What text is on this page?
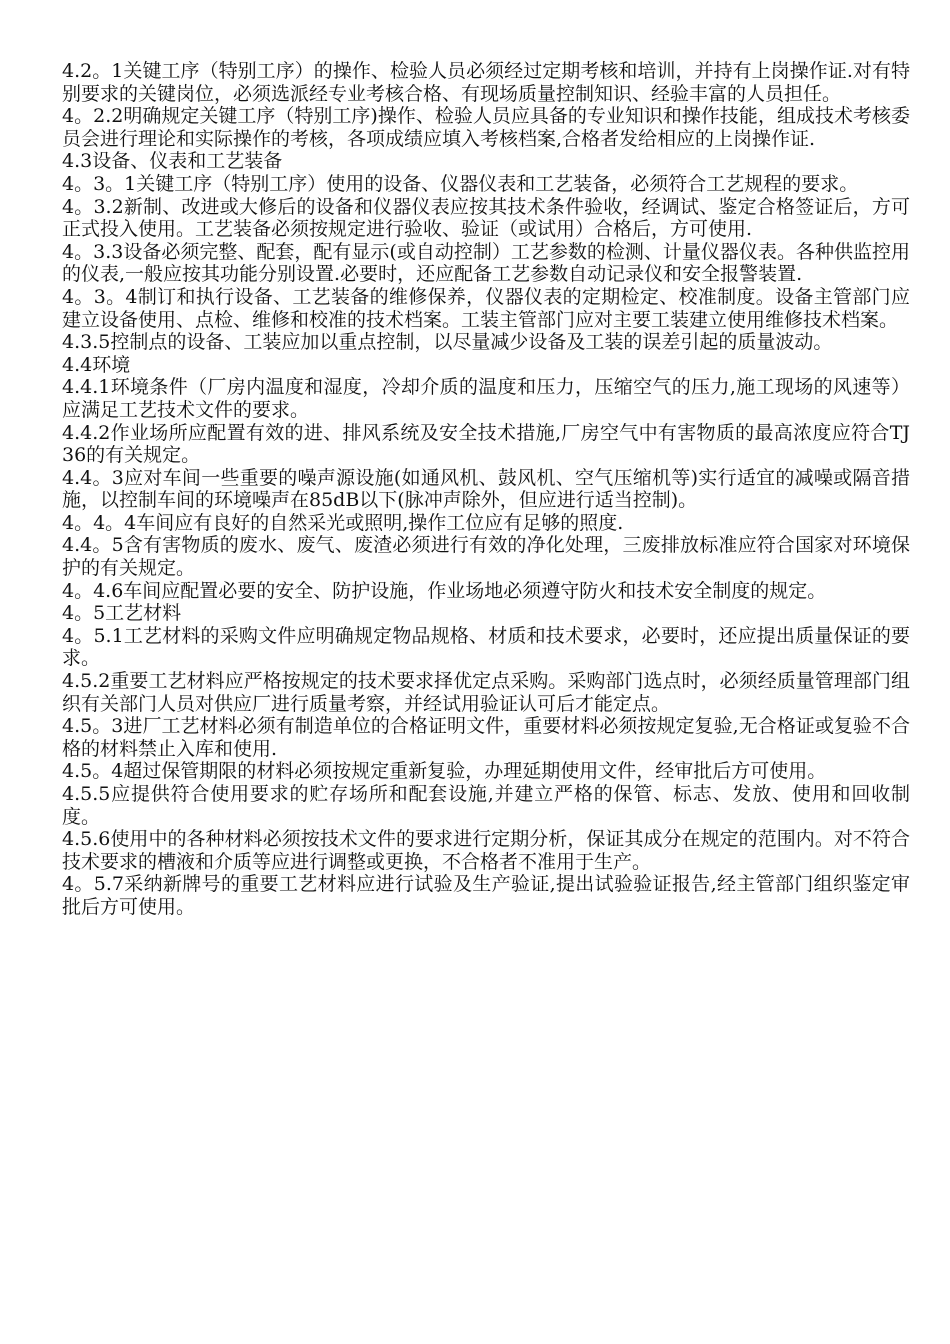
4.2。1关键工序（特别工序）的操作、检验人员必须经过定期考核和培训，并持有上岗操作证.对有特别要求的关键岗位，必须选派经专业考核合格、有现场质量控制知识、经验丰富的人员担任。

4。2.2明确规定关键工序（特别工序)操作、检验人员应具备的专业知识和操作技能，组成技术考核委员会进行理论和实际操作的考核，各项成绩应填入考核档案,合格者发给相应的上岗操作证.

4.3设备、仪表和工艺装备

4。3。1关键工序（特别工序）使用的设备、仪器仪表和工艺装备，必须符合工艺规程的要求。

4。3.2新制、改进或大修后的设备和仪器仪表应按其技术条件验收，经调试、鉴定合格签证后，方可正式投入使用。工艺装备必须按规定进行验收、验证（或试用）合格后，方可使用.

4。3.3设备必须完整、配套，配有显示(或自动控制）工艺参数的检测、计量仪器仪表。各种供监控用的仪表,一般应按其功能分别设置.必要时，还应配备工艺参数自动记录仪和安全报警装置.

4。3。4制订和执行设备、工艺装备的维修保养，仪器仪表的定期检定、校准制度。设备主管部门应建立设备使用、点检、维修和校准的技术档案。工装主管部门应对主要工装建立使用维修技术档案。

4.3.5控制点的设备、工装应加以重点控制，以尽量减少设备及工装的误差引起的质量波动。

4.4环境

4.4.1环境条件（厂房内温度和湿度，冷却介质的温度和压力，压缩空气的压力,施工现场的风速等）应满足工艺技术文件的要求。

4.4.2作业场所应配置有效的进、排风系统及安全技术措施,厂房空气中有害物质的最高浓度应符合TJ 36的有关规定。

4.4。3应对车间一些重要的噪声源设施(如通风机、鼓风机、空气压缩机等)实行适宜的减噪或隔音措施，以控制车间的环境噪声在85dB以下(脉冲声除外，但应进行适当控制)。

4。4。4车间应有良好的自然采光或照明,操作工位应有足够的照度.

4.4。5含有害物质的废水、废气、废渣必须进行有效的净化处理，三废排放标准应符合国家对环境保护的有关规定。

4。4.6车间应配置必要的安全、防护设施，作业场地必须遵守防火和技术安全制度的规定。

4。5工艺材料

4。5.1工艺材料的采购文件应明确规定物品规格、材质和技术要求，必要时，还应提出质量保证的要求。

4.5.2重要工艺材料应严格按规定的技术要求择优定点采购。采购部门选点时，必须经质量管理部门组织有关部门人员对供应厂进行质量考察，并经试用验证认可后才能定点。

4.5。3进厂工艺材料必须有制造单位的合格证明文件，重要材料必须按规定复验,无合格证或复验不合格的材料禁止入库和使用.

4.5。4超过保管期限的材料必须按规定重新复验，办理延期使用文件，经审批后方可使用。

4.5.5应提供符合使用要求的贮存场所和配套设施,并建立严格的保管、标志、发放、使用和回收制度。

4.5.6使用中的各种材料必须按技术文件的要求进行定期分析，保证其成分在规定的范围内。对不符合技术要求的槽液和介质等应进行调整或更换，不合格者不准用于生产。

4。5.7采纳新牌号的重要工艺材料应进行试验及生产验证,提出试验验证报告,经主管部门组织鉴定审批后方可使用。
